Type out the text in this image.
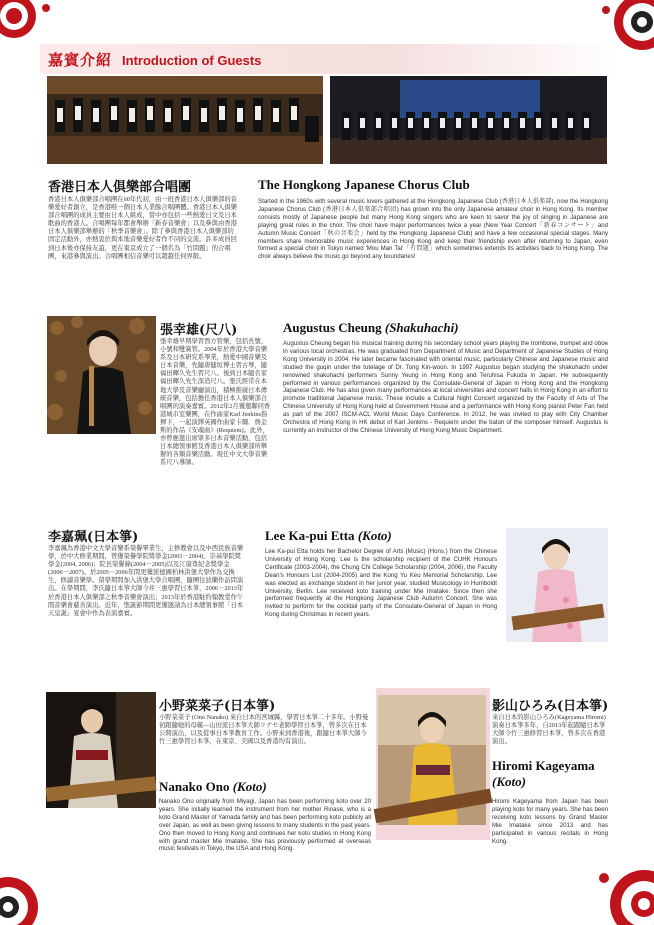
嘉賓介紹 Introduction of Guests
香港日本人俱樂部合唱團
香港日本人俱樂部合唱團在60年代初，由一班香港日本人俱樂部的音樂愛好者創立，是香港唯一個日本人業餘合唱團體。香港日本人俱樂部合唱團的成員主要由日本人組成，當中亦包括一些熱愛日文及日本歌曲的香港人。合唱團每年都會舉辦「新春音樂會」以及參與由香港日本人俱樂部舉辦的「秋季音樂會」。除了參與香港日本人俱樂部的固定活動外，亦熱衷於與本地音樂愛好者作不同的交流。許多成員回到日本後亦保持友誼，更在東京成立了一個名為「竹問題」的合唱團，來港參與演出。合唱團相信音樂可以超越任何界限。
The Hongkong Japanese Chorus Club
Started in the 1960s with several music lovers gathered at the Hongkong Japanese Club (香港日本人俱楽部), now the Hongkong Japanese Chorus Club (香港日本人俱楽部合唱団) has grown into the only Japanese amateur choir in Hong Kong. Its member consists mostly of Japanese people but many Hong Kong singers who are keen to savor the joy of singing in Japanese are playing great roles in the choir. The choir have major performances twice a year (New Year Concert「新春コンサート」and Autumn Music Concert「秋の音楽会」held by the Hongkong Japanese Club) and have a few occasional special stages. Many members share memorable music experiences in Hong Kong and keep their friendship even after returning to Japan, even formed a special choir in Tokyo named 'Mou Man Tai'「冇問題」which sometimes extends its activities back to Hong Kong. The choir always believe the music go beyond any boundaries!
張幸雄(尺八)
張幸雄早期學習西方管樂，包括長號、小號和雙簧管。2004年於香港大學音樂系及日本研究系畢業，熱愛中國音樂及日本音樂，先隨唐健垣博士習古琴，隨福田輝久先生習尺八。後到日本隨名家福田輝久先生深造尺八。張氏經常在本地大學及音樂廳演出，積極推廣日本傳統音樂，包括擔任香港日本人俱樂部合唱團的演奏嘉賓。2012年2月獲邀聯同香港城市室樂團，在作曲家Karl Jenkins指揮下，一起演繹英國作曲家卡爾．詹金斯的作品《安魂曲》(Requiem)。此外，亦曾應邀出席眾多日本音樂活動，包括日本總領事館及香港日本人俱樂部所舉辦的各類音樂活動。現任中文大學音樂系尺八導師。
Augustus Cheung (Shakuhachi)
Augustus Cheung began his musical training during his secondary school years playing the trombone, trumpet and oboe in various local orchestras. He was graduated from Department of Music and Department of Japanese Studies of Hong Kong University in 2004. He later became fascinated with oriental music, particularly Chinese and Japanese music and studied the guqin under the tutelage of Dr. Tong Kin-woon. In 1997 Augustus began studying the shakuhachi under renowned shakuhachi performers Sunny Yeung in Hong Kong and Teruhisa Fukuda in Japan. He subsequently performed in various performances organized by the Consulate-General of Japan in Hong Kong and the Hongkong Japanese Club. He has also given many performances at local universities and concert halls in Hong Kong in an effort to promote traditional Japanese music. These include a Cultural Night Concert organized by the Faculty of Arts of The Chinese University of Hong Kong held at Government House and a performance with Hong Kong pianist Peter Fan held as part of the 2007 ISCM-ACL World Music Days Conference. In 2012, he was invited to play with City Chamber Orchestra of Hong Kong in HK debut of Karl Jenkins - Requiem under the baton of the composer himself. Augustus is currently an instructor of the Chinese University of Hong Kong Music Department.
李嘉珮(日本箏)
李嘉珮為香港中文大學音樂系榮譽畢業生，主修教會以及中西民族音樂學，於中大修業期間，曾獲榮譽學院獎學金(2003－2004)、崇基學院獎學金(2004, 2006)；院長榮譽錄(2004－2005)以及江康尊紀念獎學金(2006－2007)。於2005－2006年間更獲派德國柏林洪堡大學作為交換生，修讀音樂學。留學期間加入洪堡大學合唱團，隨團往波蘭作訪問演出。在學期間，李氏隨日本箏大師今井三惠學習日本箏，2006－2013年於香港日本人俱樂部之秋季音樂會演出；2013年於香港駐約翰教堂作午間音樂會慈善演出。近年，聖誕節期間更獲邀請為日本總領事館「日本天皇誕」宴會中作為表演嘉賓。
Lee Ka-pui Etta (Koto)
Lee Ka-pui Etta holds her Bachelor Degree of Arts (Music) (Hons.) from the Chinese University of Hong Kong. Lee is the scholarship recipient of the CUHK Honours Certificate (2003-2004), the Chung Chi College Scholarship (2004, 2006), the Faculty Dean's Honours List (2004-2005) and the Kong Yu Keu Memorial Scholarship. Lee was elected as exchange student in her junior year, studied Musicology in Humboldt University, Berlin. Lee received koto training under Mie Imatake. Since then she performed frequently at the Hongkong Japanese Club Autumn Concert. She was invited to perform for the cocktail party of the Consulate-General of Japan in Hong Kong during Christmas in recent years.
小野菜菜子(日本箏)
小野菜菜子 (Ono Nanako) 來自日本的宮城縣，學習日本箏二十多年。小野曼初跟隨她的母親—山田流日本箏大師リナセ老師學習日本箏，曾多次在日本公開演出，以及從事日本箏教育工作。小野來到香港後，跟隨日本箏大師今竹三惠學習日本箏，在東京、美國以及香港均有演出。
Nanako Ono (Koto)
Nanako Ono originally from Miyagi, Japan has been performing koto over 20 years. She initially learned the instrument from her mother Rinase, who is a koto Grand Master of Yamada family and has been performing koto publicly all over Japan, as well as been giving lessons to many students in the past years. Ono then moved to Hong Kong and continues her koto studies in Hong Kong with grand master Mie Imatake. She has previously performed at overseas music festivals in Tokyo, the USA and Hong Kong.
影山ひろみ(日本箏)
來自日本的影山ひろみ(Kageyama Hiromi) 演奏日本箏多年，自2013年起跟隨日本箏大師今竹三惠修習日本箏，曾多次在香港演出。
Hiromi Kageyama
(Koto)
Hiromi Kageyama from Japan has been playing koto for many years. She has been receiving koto lessons by Grand Master Mie Imatake since 2013 and has participated in various recitals in Hong Kong.
